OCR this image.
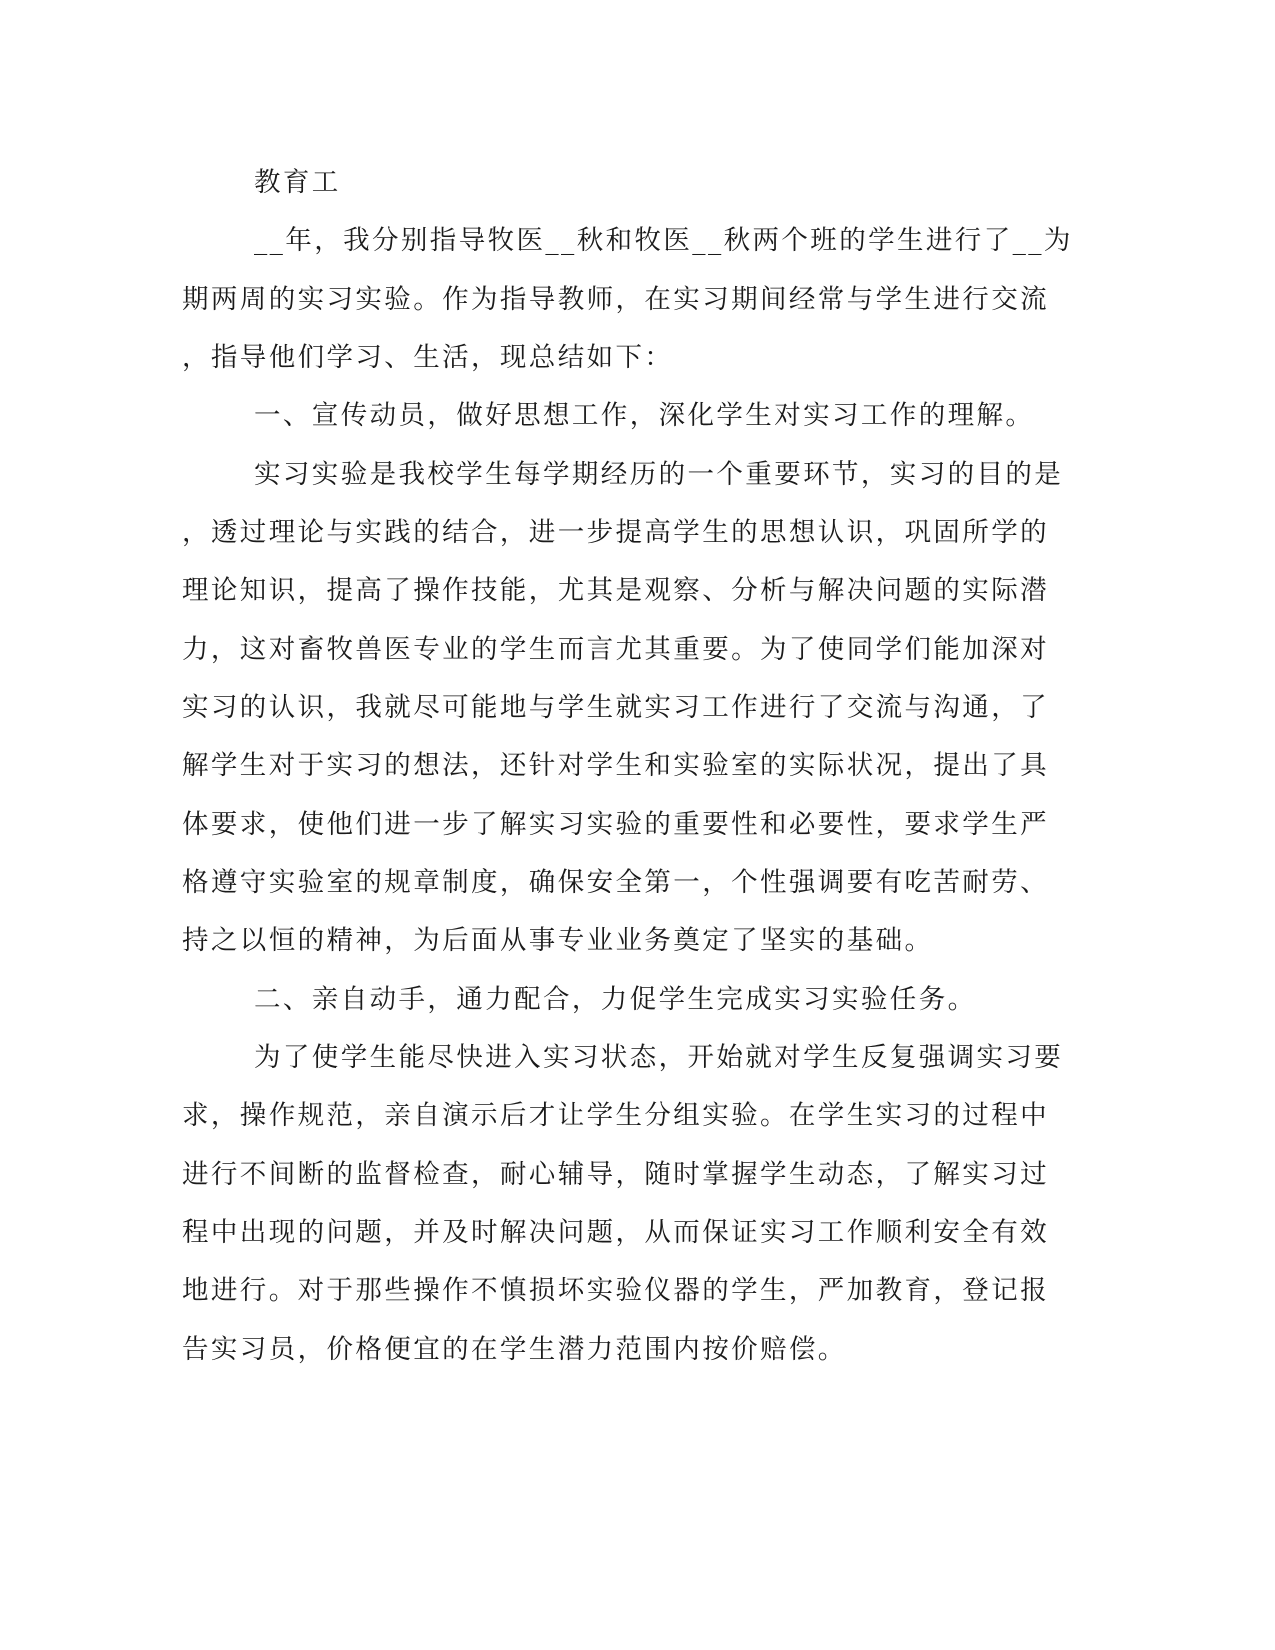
教育工
__年，我分别指导牧医__秋和牧医__秋两个班的学生进行了__为
期两周的实习实验。作为指导教师，在实习期间经常与学生进行交流
，指导他们学习、生活，现总结如下：
一、宣传动员，做好思想工作，深化学生对实习工作的理解。
实习实验是我校学生每学期经历的一个重要环节，实习的目的是
，透过理论与实践的结合，进一步提高学生的思想认识，巩固所学的
理论知识，提高了操作技能，尤其是观察、分析与解决问题的实际潜
力，这对畜牧兽医专业的学生而言尤其重要。为了使同学们能加深对
实习的认识，我就尽可能地与学生就实习工作进行了交流与沟通，了
解学生对于实习的想法，还针对学生和实验室的实际状况，提出了具
体要求，使他们进一步了解实习实验的重要性和必要性，要求学生严
格遵守实验室的规章制度，确保安全第一，个性强调要有吃苦耐劳、
持之以恒的精神，为后面从事专业业务奠定了坚实的基础。
二、亲自动手，通力配合，力促学生完成实习实验任务。
为了使学生能尽快进入实习状态，开始就对学生反复强调实习要
求，操作规范，亲自演示后才让学生分组实验。在学生实习的过程中
进行不间断的监督检查，耐心辅导，随时掌握学生动态，了解实习过
程中出现的问题，并及时解决问题，从而保证实习工作顺利安全有效
地进行。对于那些操作不慎损坏实验仪器的学生，严加教育，登记报
告实习员，价格便宜的在学生潜力范围内按价赔偿。
